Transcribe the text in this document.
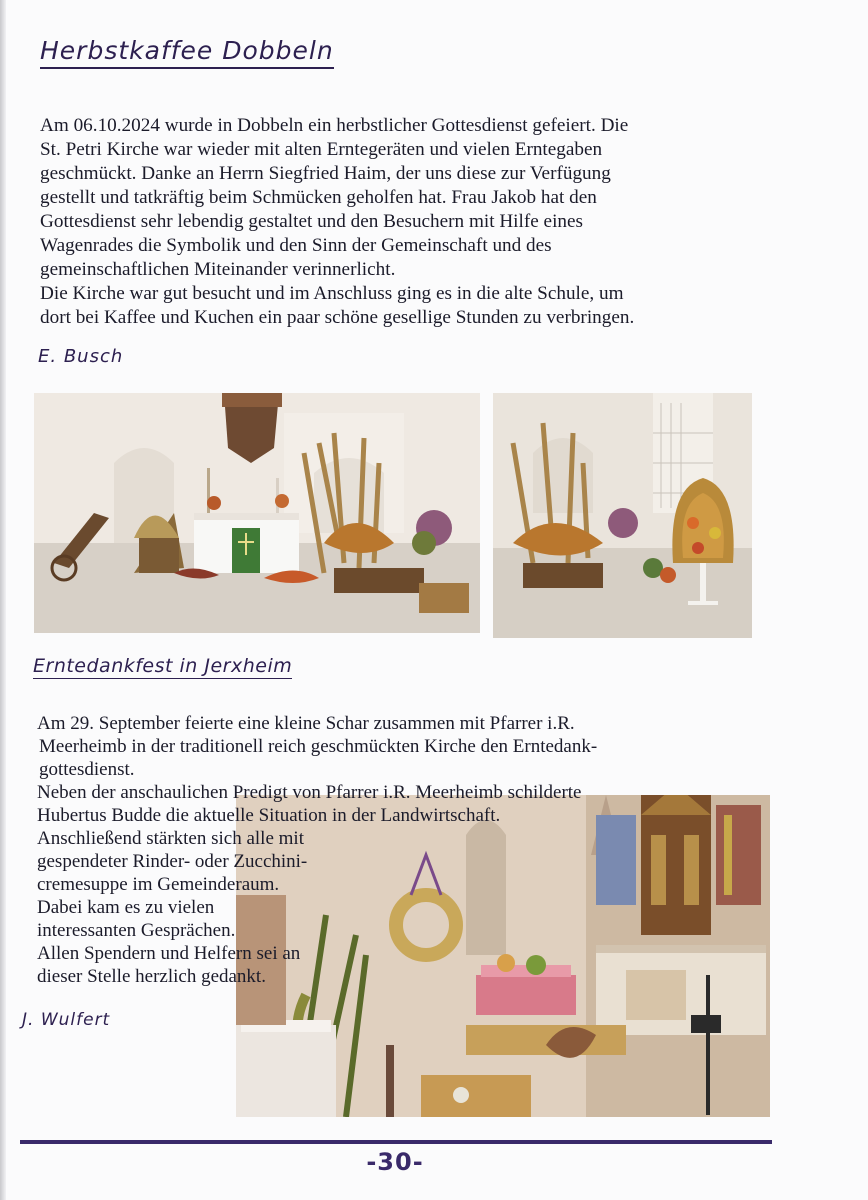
Herbstkaffee Dobbeln

Am 06.10.2024 wurde in Dobbeln ein herbstlicher Gottesdienst gefeiert. Die

St. Petri Kirche war wieder mit alten Erntegeräten und vielen Erntegaben

geschmückt. Danke an Herrn Siegfried Haim, der uns diese zur Verfügung

gestellt und tatkräftig beim Schmücken geholfen hat. Frau Jakob hat den

Gottesdienst sehr lebendig gestaltet und den Besuchern mit Hilfe eines

Wagenrades die Symbolik und den Sinn der Gemeinschaft und des

gemeinschaftlichen Miteinander verinnerlicht.

Die Kirche war gut besucht und im Anschluss ging es in die alte Schule, um

dort bei Kaffee und Kuchen ein paar schöne gesellige Stunden zu verbringen.

E. Busch
Erntedankfest in Jerxheim
Am 29. September feierte eine kleine Schar zusammen mit Pfarrer i.R.
Meerheimb in der traditionell reich geschmückten Kirche den Erntedank-
gottesdienst.
Neben der anschaulichen Predigt von Pfarrer i.R. Meerheimb schilderte
Hubertus Budde die aktuelle Situation in der Landwirtschaft.
Anschließend stärkten sich alle mit
gespendeter Rinder- oder Zucchini-
cremesuppe im Gemeinderaum.
Dabei kam es zu vielen
interessanten Gesprächen.
Allen Spendern und Helfern sei an
dieser Stelle herzlich gedankt.
J. Wulfert
-30-
